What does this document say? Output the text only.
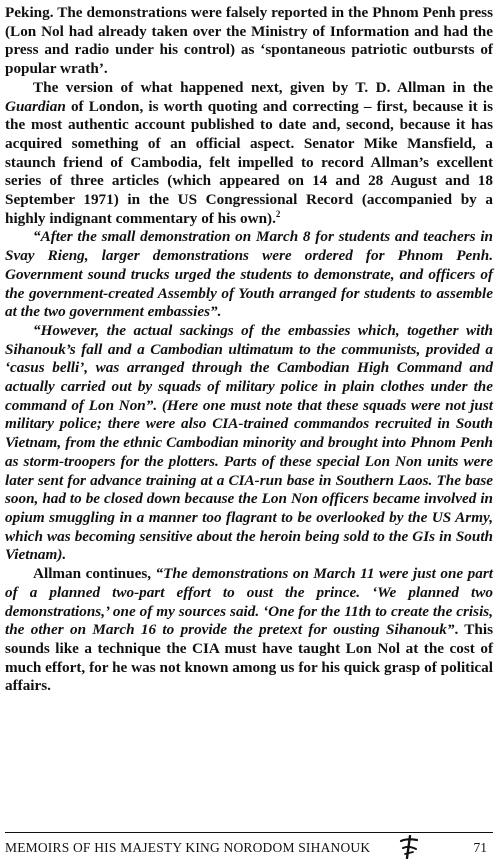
Peking. The demonstrations were falsely reported in the Phnom Penh press (Lon Nol had already taken over the Ministry of Information and had the press and radio under his control) as ‘spontaneous patriotic outbursts of popular wrath’.

The version of what happened next, given by T. D. Allman in the Guardian of London, is worth quoting and correcting – first, because it is the most authentic account published to date and, second, because it has acquired something of an official aspect. Senator Mike Mansfield, a staunch friend of Cambodia, felt impelled to record Allman’s excellent series of three articles (which appeared on 14 and 28 August and 18 September 1971) in the US Congressional Record (accompanied by a highly indignant commentary of his own).$^2$

“After the small demonstration on March 8 for students and teachers in Svay Rieng, larger demonstrations were ordered for Phnom Penh. Government sound trucks urged the students to demonstrate, and officers of the government-created Assembly of Youth arranged for students to assemble at the two government embassies”.

“However, the actual sackings of the embassies which, together with Sihanouk’s fall and a Cambodian ultimatum to the communists, provided a ‘casus belli’, was arranged through the Cambodian High Command and actually carried out by squads of military police in plain clothes under the command of Lon Non”. (Here one must note that these squads were not just military police; there were also CIA-trained commandos recruited in South Vietnam, from the ethnic Cambodian minority and brought into Phnom Penh as storm-troopers for the plotters. Parts of these special Lon Non units were later sent for advance training at a CIA-run base in Southern Laos. The base soon, had to be closed down because the Lon Non officers became involved in opium smuggling in a manner too flagrant to be overlooked by the US Army, which was becoming sensitive about the heroin being sold to the GIs in South Vietnam).

Allman continues, “The demonstrations on March 11 were just one part of a planned two-part effort to oust the prince. ‘We planned two demonstrations,’ one of my sources said. ‘One for the 11th to create the crisis, the other on March 16 to provide the pretext for ousting Sihanouk”. This sounds like a technique the CIA must have taught Lon Nol at the cost of much effort, for he was not known among us for his quick grasp of political affairs.

MEMOIRS OF HIS MAJESTY KING NORODOM SIHANOUK	71
